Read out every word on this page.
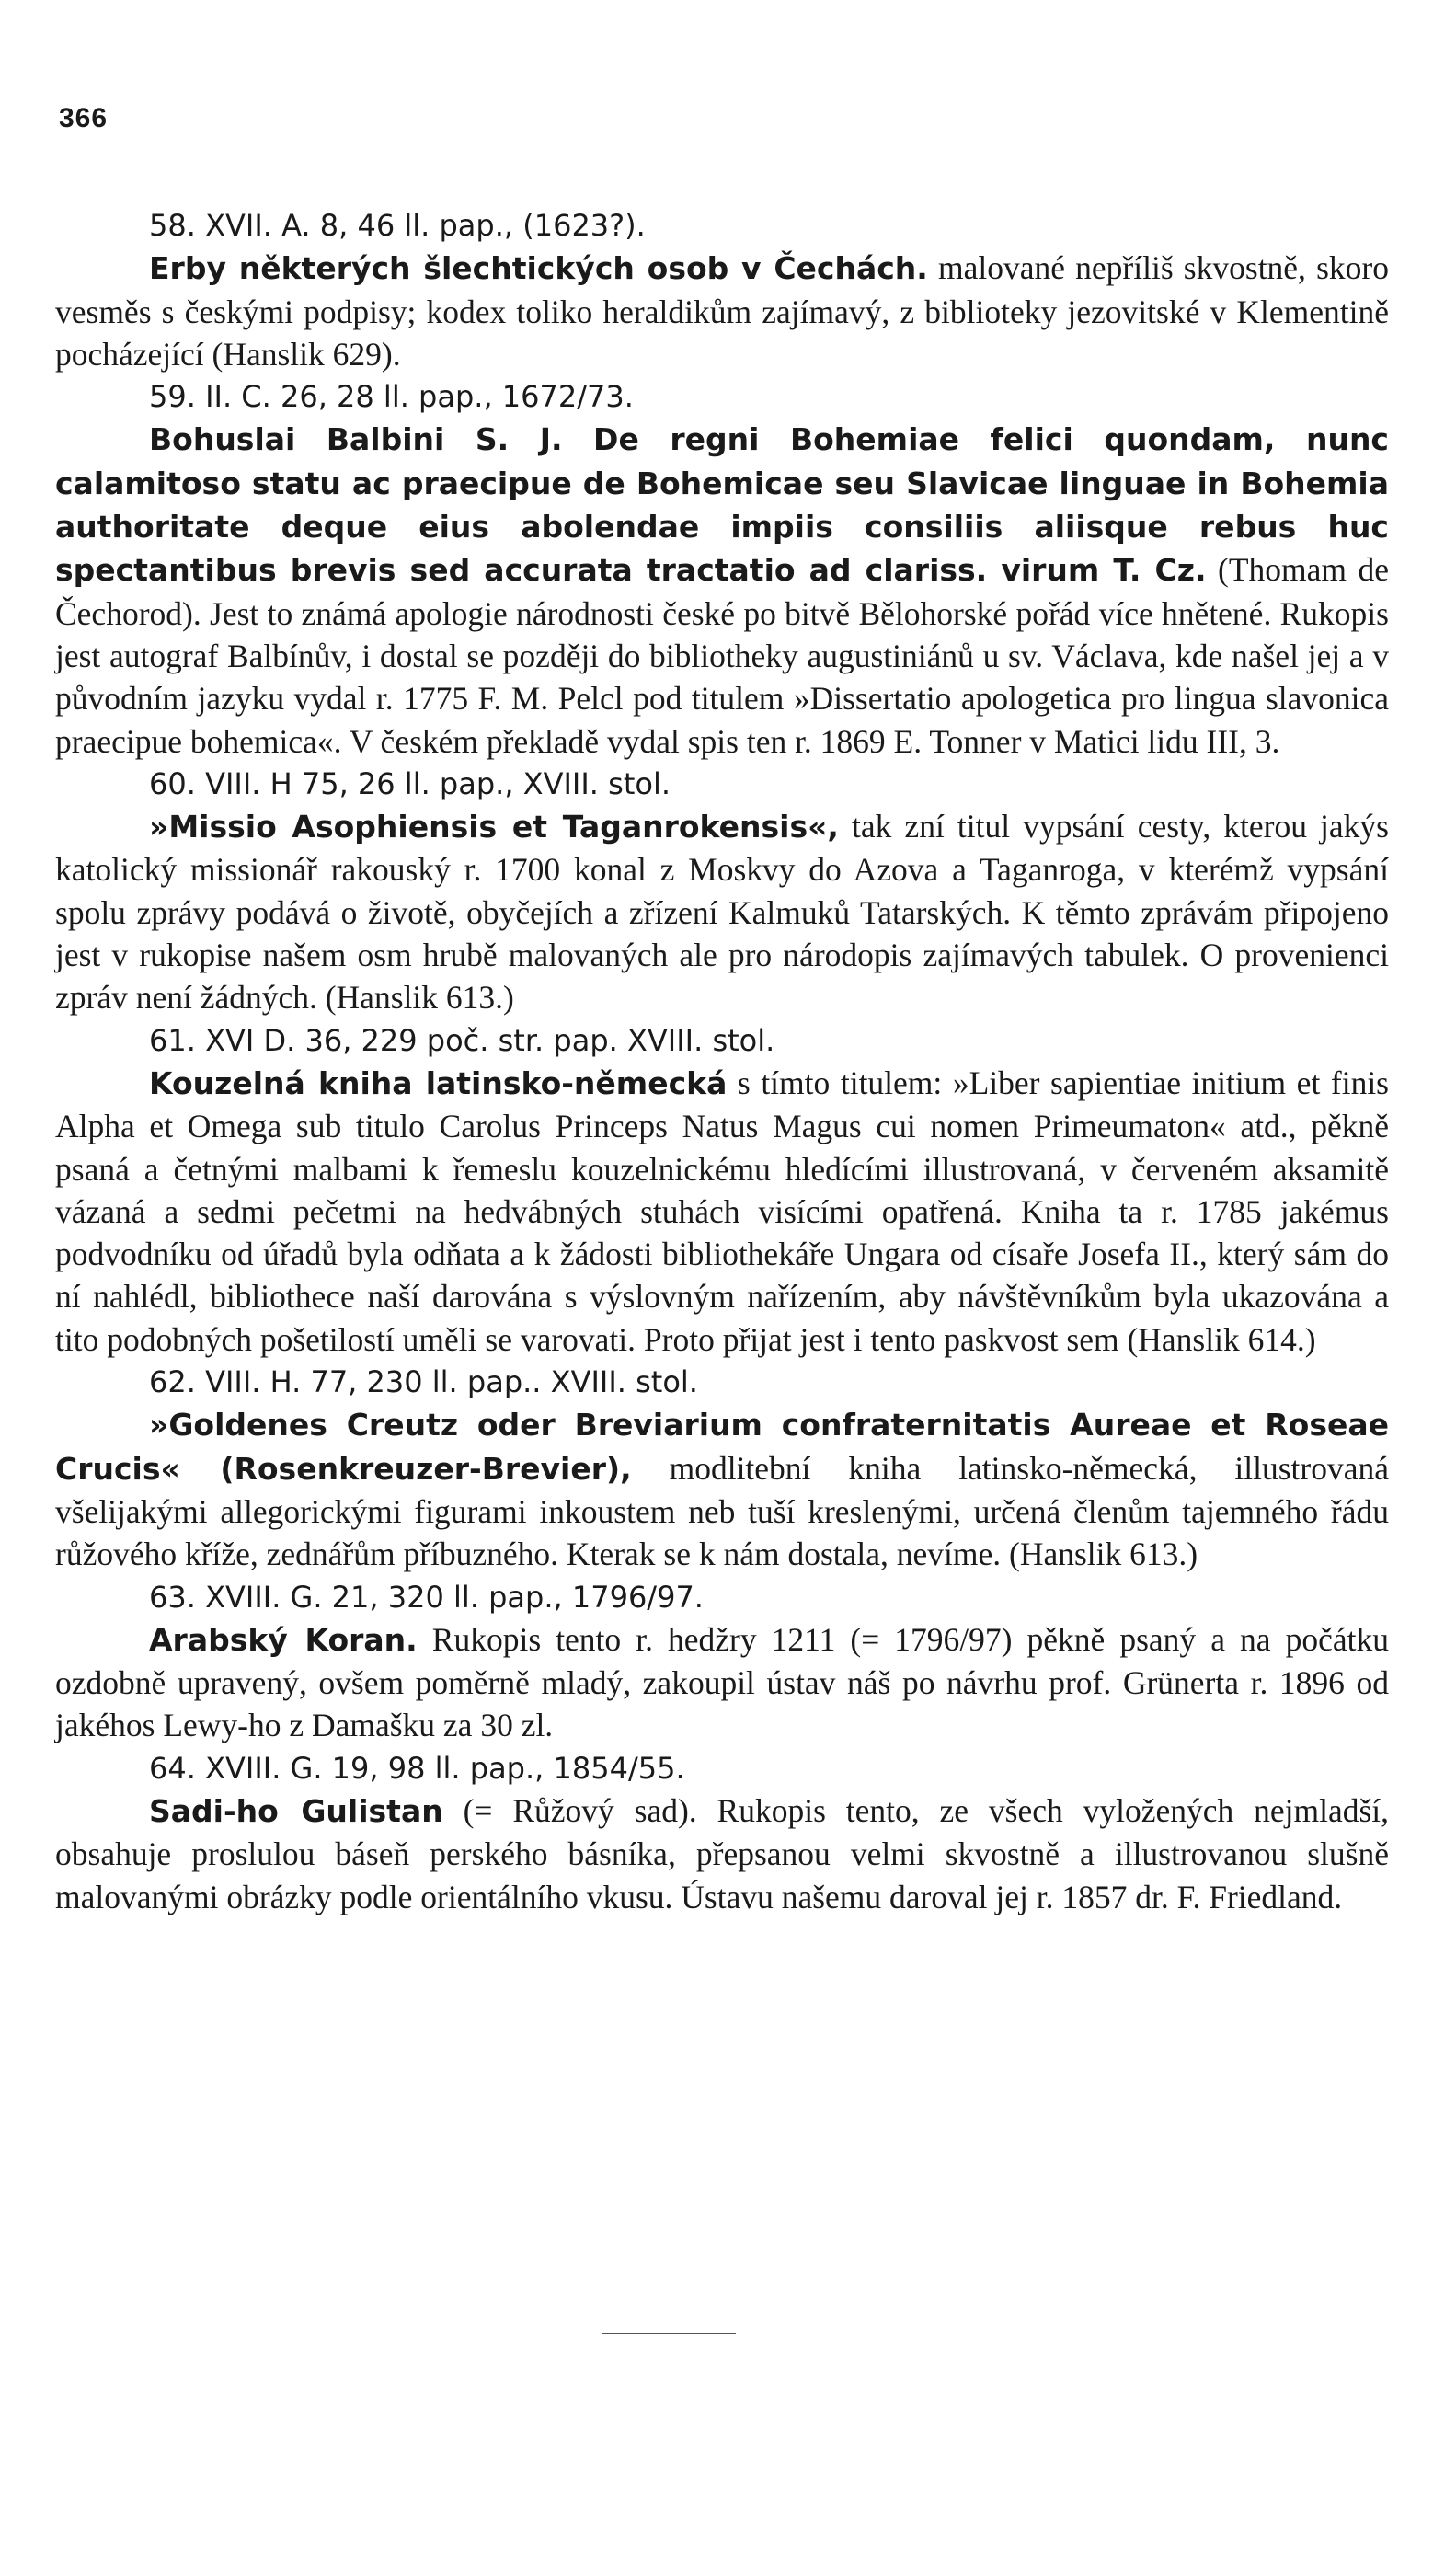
366

58. XVII. A. 8, 46 ll. pap., (1623?).

Erby některých šlechtických osob v Čechách. malované nepříliš skvostně, skoro vesměs s českými podpisy; kodex toliko heraldikům zajímavý, z biblioteky jezovitské v Klementině pocházející (Hanslik 629).

59. II. C. 26, 28 ll. pap., 1672/73.

Bohuslai Balbini S. J. De regni Bohemiae felici quondam, nunc calamitoso statu ac praecipue de Bohemicae seu Slavicae linguae in Bohemia authoritate deque eius abolendae impiis consiliis aliisque rebus huc spectantibus brevis sed accurata tractatio ad clariss. virum T. Cz. (Thomam de Čechorod). Jest to známá apologie národnosti české po bitvě Bělohorské pořád více hnětené. Rukopis jest autograf Balbínův, i dostal se později do bibliotheky augustiniánů u sv. Václava, kde našel jej a v původním jazyku vydal r. 1775 F. M. Pelcl pod titulem »Dissertatio apologetica pro lingua slavonica praecipue bohemica«. V českém překladě vydal spis ten r. 1869 E. Tonner v Matici lidu III, 3.

60. VIII. H 75, 26 ll. pap., XVIII. stol.

»Missio Asophiensis et Taganrokensis«, tak zní titul vypsání cesty, kterou jakýs katolický missionář rakouský r. 1700 konal z Moskvy do Azova a Taganroga, v kterémž vypsání spolu zprávy podává o životě, obyčejích a zřízení Kalmuků Tatarských. K těmto zprávám připojeno jest v rukopise našem osm hrubě malovaných ale pro národopis zajímavých tabulek. O provenienci zpráv není žádných. (Hanslik 613.)

61. XVI D. 36, 229 poč. str. pap. XVIII. stol.

Kouzelná kniha latinsko-německá s tímto titulem: »Liber sapientiae initium et finis Alpha et Omega sub titulo Carolus Princeps Natus Magus cui nomen Primeumaton« atd., pěkně psaná a četnými malbami k řemeslu kouzelnickému hledícími illustrovaná, v červeném aksamitě vázaná a sedmi pečetmi na hedvábných stuhách visícími opatřená. Kniha ta r. 1785 jakémus podvodníku od úřadů byla odňata a k žádosti bibliothekáře Ungara od císaře Josefa II., který sám do ní nahlédl, bibliothece naší darována s výslovným nařízením, aby návštěvníkům byla ukazována a tito podobných pošetilostí uměli se varovati. Proto přijat jest i tento paskvost sem (Hanslik 614.)

62. VIII. H. 77, 230 ll. pap.. XVIII. stol.

»Goldenes Creutz oder Breviarium confraternitatis Aureae et Roseae Crucis« (Rosenkreuzer-Brevier), modlitební kniha latinsko-německá, illustrovaná všelijakými allegorickými figurami inkoustem neb tuší kreslenými, určená členům tajemného řádu růžového kříže, zednářům příbuzného. Kterak se k nám dostala, nevíme. (Hanslik 613.)

63. XVIII. G. 21, 320 ll. pap., 1796/97.

Arabský Koran. Rukopis tento r. hedžry 1211 (= 1796/97) pěkně psaný a na počátku ozdobně upravený, ovšem poměrně mladý, zakoupil ústav náš po návrhu prof. Grünerta r. 1896 od jakéhos Lewy-ho z Damašku za 30 zl.

64. XVIII. G. 19, 98 ll. pap., 1854/55.

Sadi-ho Gulistan (= Růžový sad). Rukopis tento, ze všech vyložených nejmladší, obsahuje proslulou báseň perského básníka, přepsanou velmi skvostně a illustrovanou slušně malovanými obrázky podle orientálního vkusu. Ústavu našemu daroval jej r. 1857 dr. F. Friedland.
